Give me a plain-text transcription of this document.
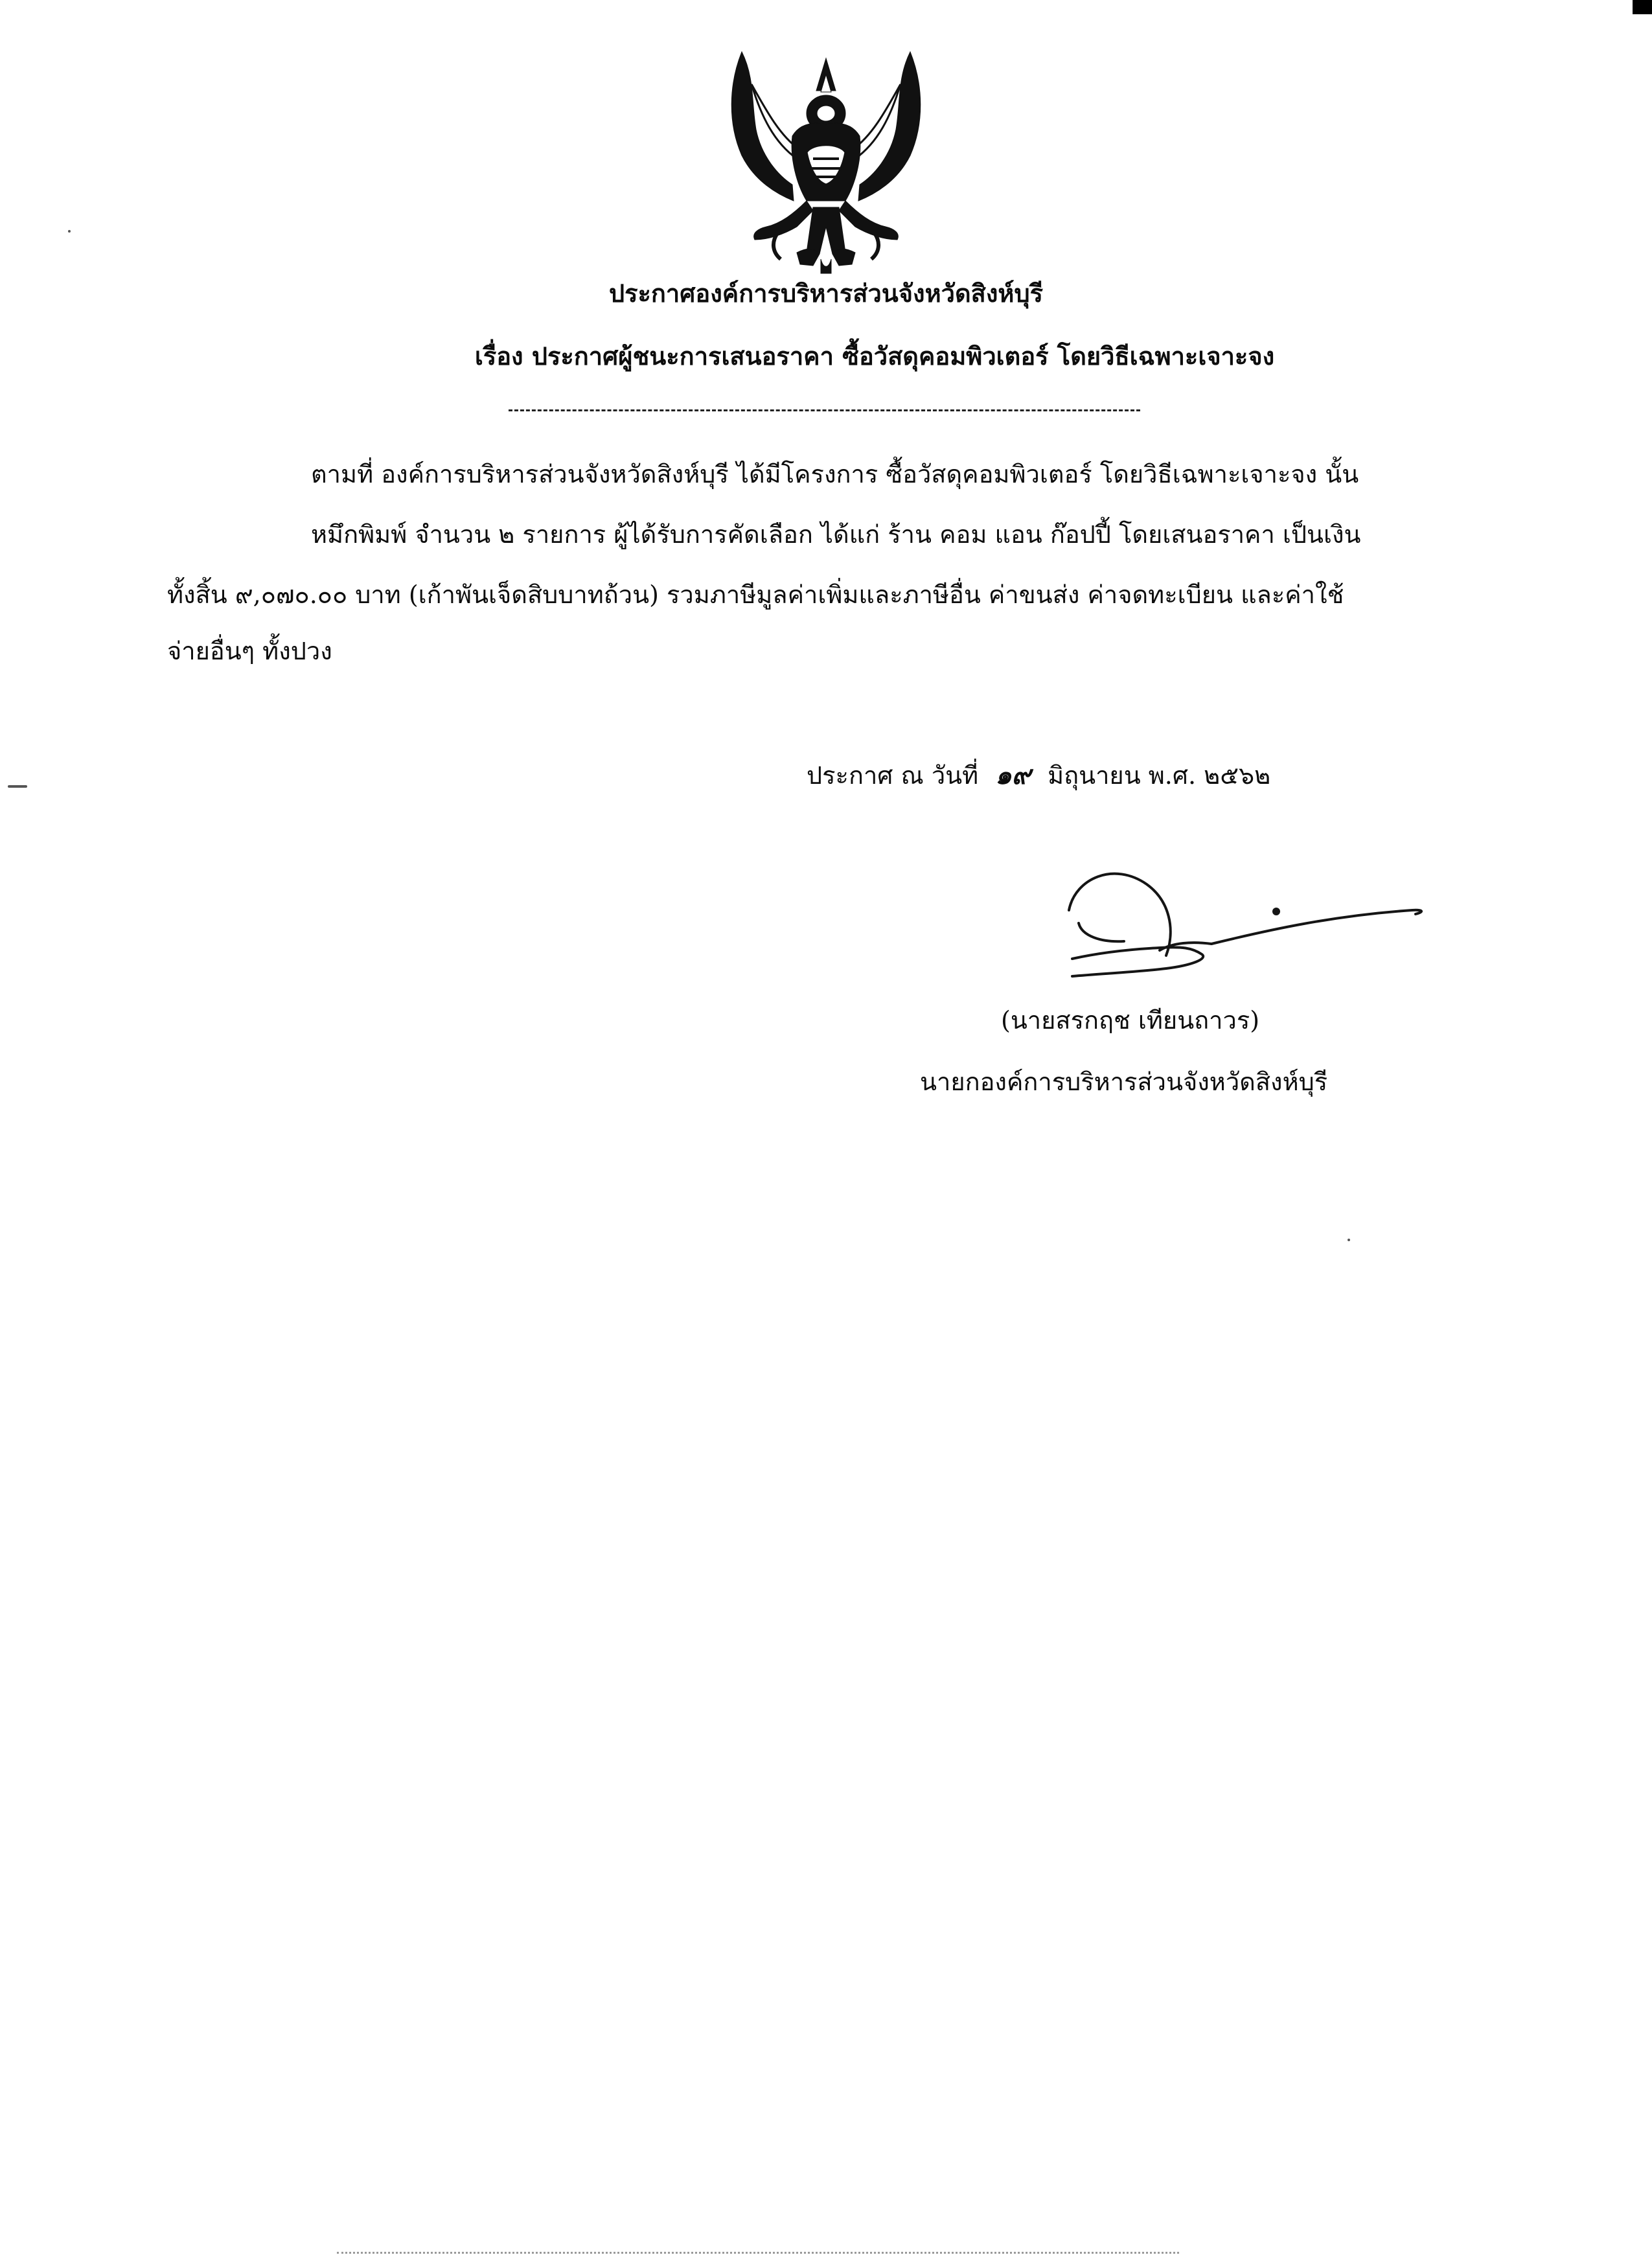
ประกาศองค์การบริหารส่วนจังหวัดสิงห์บุรี
เรื่อง ประกาศผู้ชนะการเสนอราคา ซื้อวัสดุคอมพิวเตอร์ โดยวิธีเฉพาะเจาะจง
ตามที่ องค์การบริหารส่วนจังหวัดสิงห์บุรี ได้มีโครงการ ซื้อวัสดุคอมพิวเตอร์ โดยวิธีเฉพาะเจาะจง นั้น
หมึกพิมพ์ จำนวน ๒ รายการ ผู้ได้รับการคัดเลือก ได้แก่ ร้าน คอม แอน ก๊อปปี้ โดยเสนอราคา เป็นเงิน
ทั้งสิ้น ๙,๐๗๐.๐๐ บาท (เก้าพันเจ็ดสิบบาทถ้วน) รวมภาษีมูลค่าเพิ่มและภาษีอื่น ค่าขนส่ง ค่าจดทะเบียน และค่าใช้
จ่ายอื่นๆ ทั้งปวง
ประกาศ ณ วันที่ ๑๙ มิถุนายน พ.ศ. ๒๕๖๒
(นายสรกฤช เทียนถาวร)
นายกองค์การบริหารส่วนจังหวัดสิงห์บุรี
